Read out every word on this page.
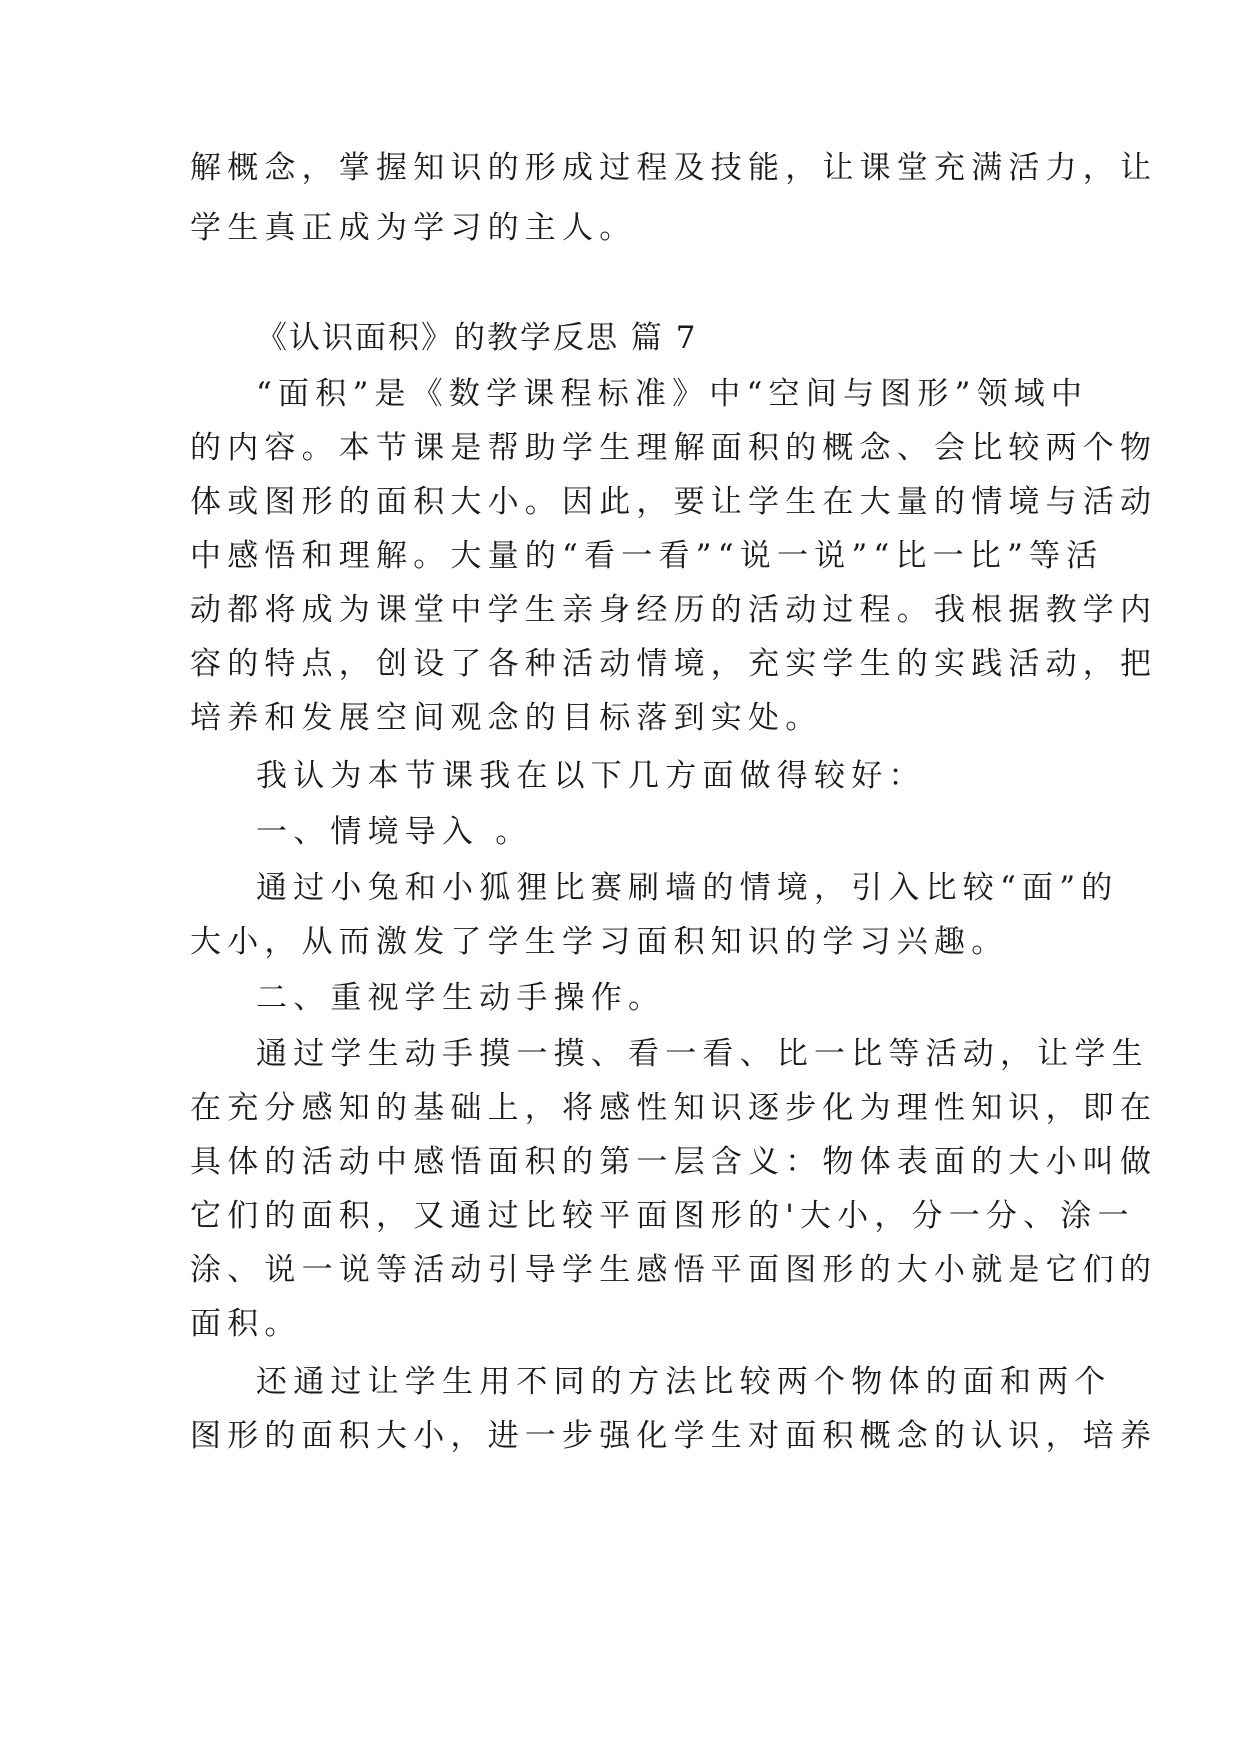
解概念，掌握知识的形成过程及技能，让课堂充满活力，让
学生真正成为学习的主人。
《认识面积》的教学反思 篇 7
“面积”是《数学课程标准》中“空间与图形”领域中
的内容。本节课是帮助学生理解面积的概念、会比较两个物
体或图形的面积大小。因此，要让学生在大量的情境与活动
中感悟和理解。大量的“看一看”“说一说”“比一比”等活
动都将成为课堂中学生亲身经历的活动过程。我根据教学内
容的特点，创设了各种活动情境，充实学生的实践活动，把
培养和发展空间观念的目标落到实处。
我认为本节课我在以下几方面做得较好：
一、情境导入 。
通过小兔和小狐狸比赛刷墙的情境，引入比较“面”的
大小，从而激发了学生学习面积知识的学习兴趣。
二、重视学生动手操作。
通过学生动手摸一摸、看一看、比一比等活动，让学生
在充分感知的基础上，将感性知识逐步化为理性知识，即在
具体的活动中感悟面积的第一层含义：物体表面的大小叫做
它们的面积，又通过比较平面图形的'大小，分一分、涂一
涂、说一说等活动引导学生感悟平面图形的大小就是它们的
面积。
还通过让学生用不同的方法比较两个物体的面和两个
图形的面积大小，进一步强化学生对面积概念的认识，培养
